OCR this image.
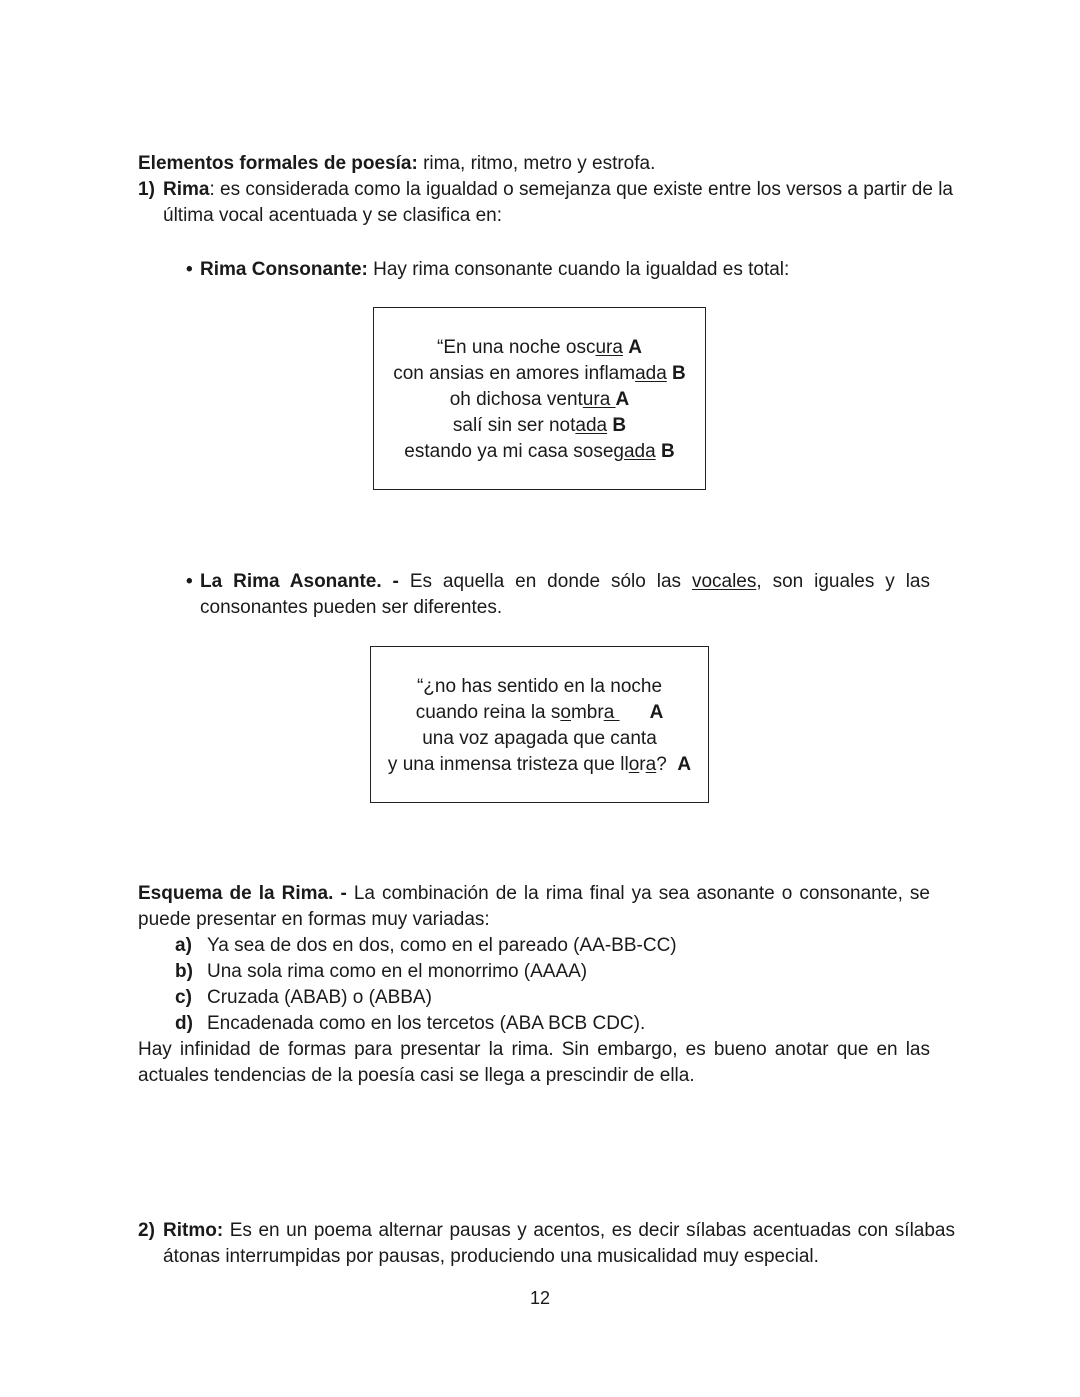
Elementos formales de poesía: rima, ritmo, metro y estrofa.
1) Rima: es considerada como la igualdad o semejanza que existe entre los versos a partir de la última vocal acentuada y se clasifica en:
• Rima Consonante: Hay rima consonante cuando la igualdad es total:
“En una noche oscura A
con ansias en amores inflamada B
oh dichosa ventura A
salí sin ser notada B
estando ya mi casa sosegada B
• La Rima Asonante. - Es aquella en donde sólo las vocales, son iguales y las consonantes pueden ser diferentes.
“¿no has sentido en la noche
cuando reina la sombra A
una voz apagada que canta
y una inmensa tristeza que llora?  A
Esquema de la Rima. - La combinación de la rima final ya sea asonante o consonante, se puede presentar en formas muy variadas:
a) Ya sea de dos en dos, como en el pareado (AA-BB-CC)
b) Una sola rima como en el monorrimo (AAAA)
c) Cruzada (ABAB) o (ABBA)
d) Encadenada como en los tercetos (ABA BCB CDC).
Hay infinidad de formas para presentar la rima. Sin embargo, es bueno anotar que en las actuales tendencias de la poesía casi se llega a prescindir de ella.
2) Ritmo: Es en un poema alternar pausas y acentos, es decir sílabas acentuadas con sílabas átonas interrumpidas por pausas, produciendo una musicalidad muy especial.
12
